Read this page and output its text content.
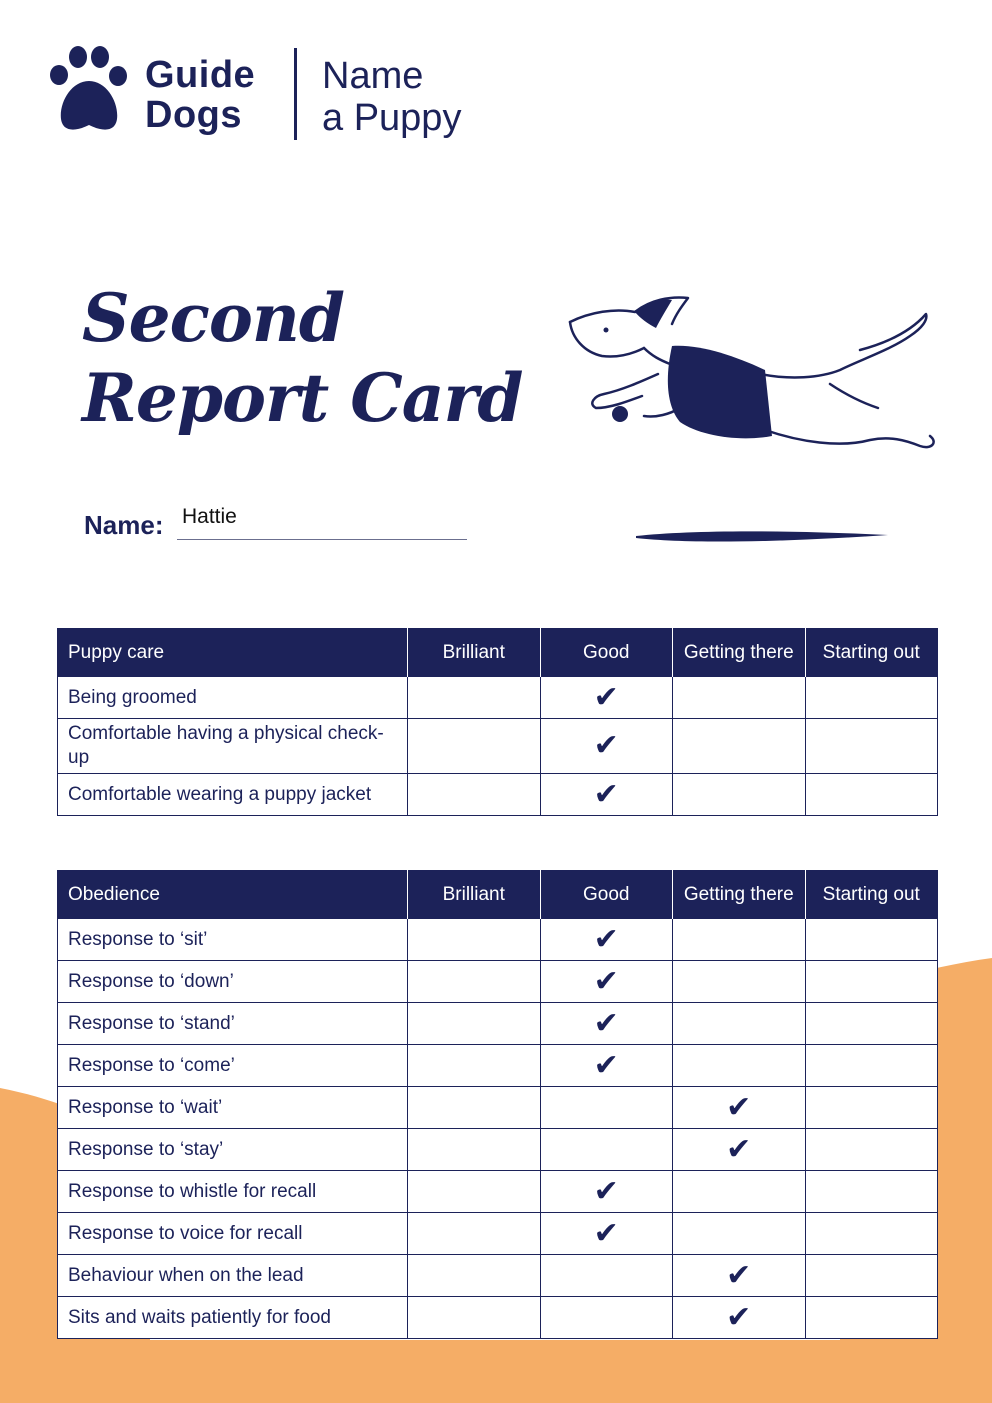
Guide
Dogs
Name
a Puppy
Second
Report Card
Name: Hattie
Puppy care	Brilliant	Good	Getting there	Starting out
Being groomed		✔		
Comfortable having a physical check-up		✔		
Comfortable wearing a puppy jacket		✔		
Obedience	Brilliant	Good	Getting there	Starting out
Response to ‘sit’		✔		
Response to ‘down’		✔		
Response to ‘stand’		✔		
Response to ‘come’		✔		
Response to ‘wait’			✔	
Response to ‘stay’			✔	
Response to whistle for recall		✔		
Response to voice for recall		✔		
Behaviour when on the lead			✔	
Sits and waits patiently for food			✔	
